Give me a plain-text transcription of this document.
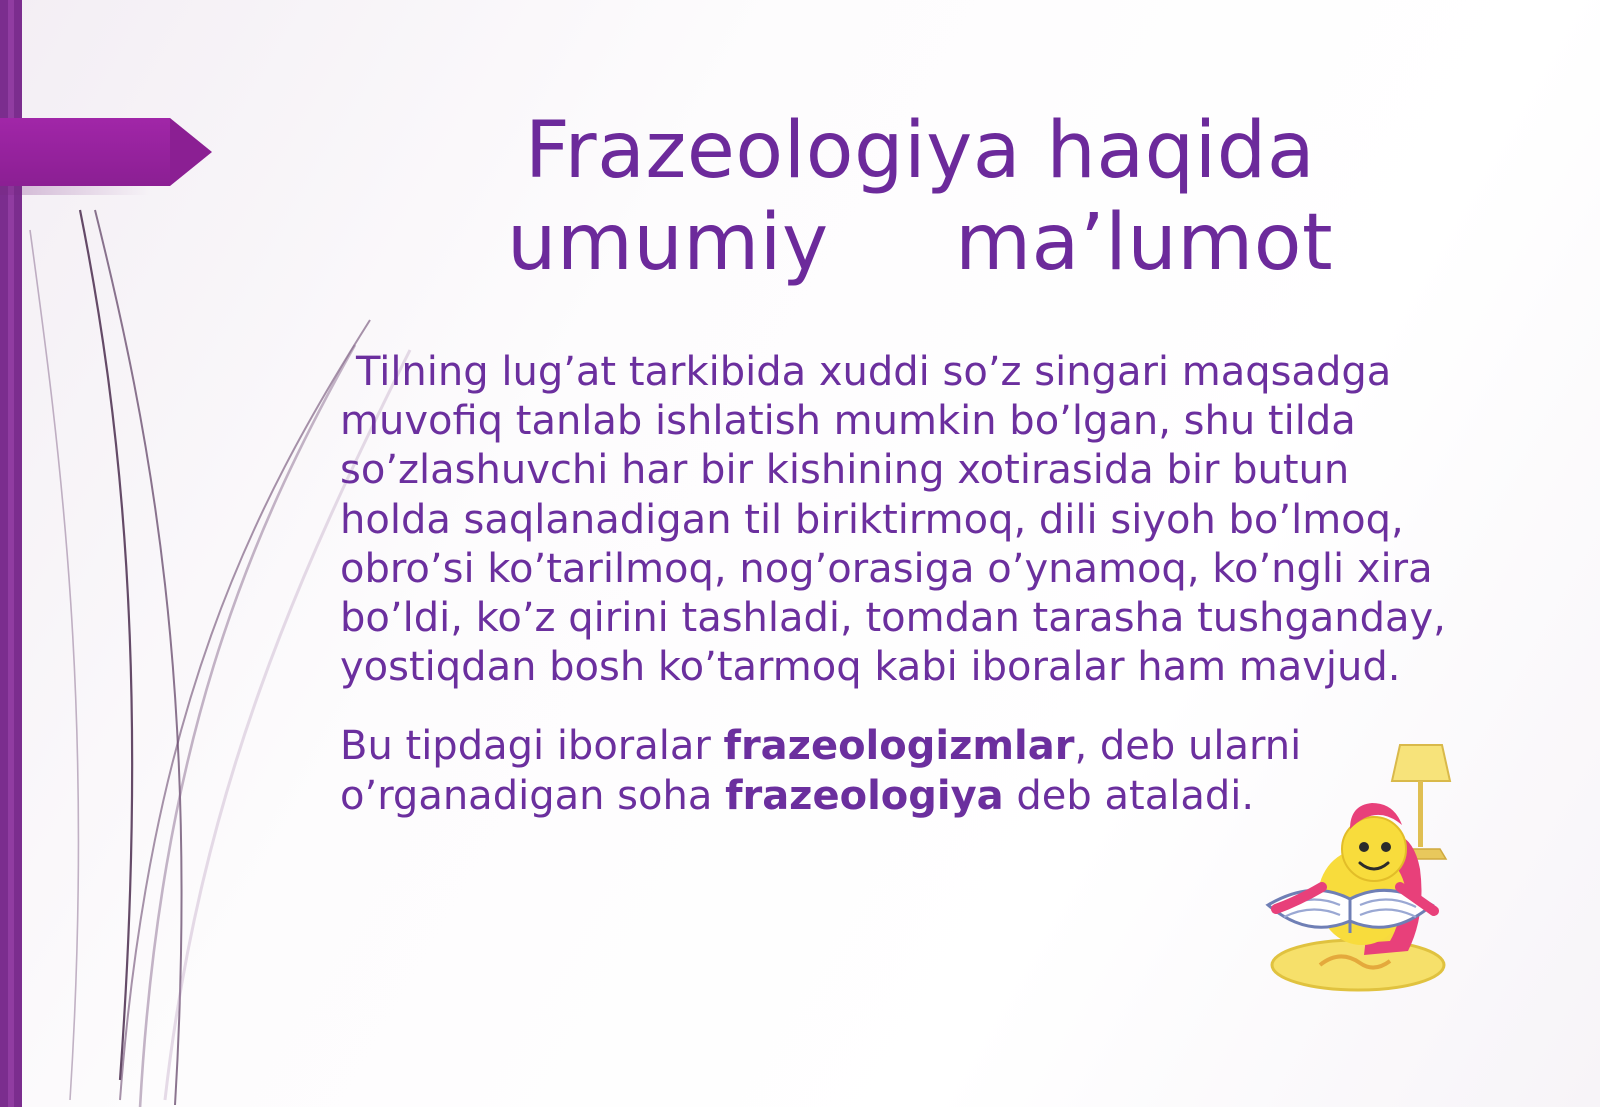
Frazeologiya haqida
umumiy     ma’lumot

Tilning lug’at tarkibida xuddi so’z singari maqsadga muvofiq tanlab ishlatish mumkin bo’lgan, shu tilda so’zlashuvchi har bir kishining xotirasida bir butun holda saqlanadigan til biriktirmoq, dili siyoh bo’lmoq, obro’si ko’tarilmoq, nog’orasiga o’ynamoq, ko’ngli xira bo’ldi, ko’z qirini tashladi, tomdan tarasha tushganday, yostiqdan bosh ko’tarmoq kabi iboralar ham mavjud.

Bu tipdagi iboralar frazeologizmlar, deb ularni o’rganadigan soha frazeologiya deb ataladi.
